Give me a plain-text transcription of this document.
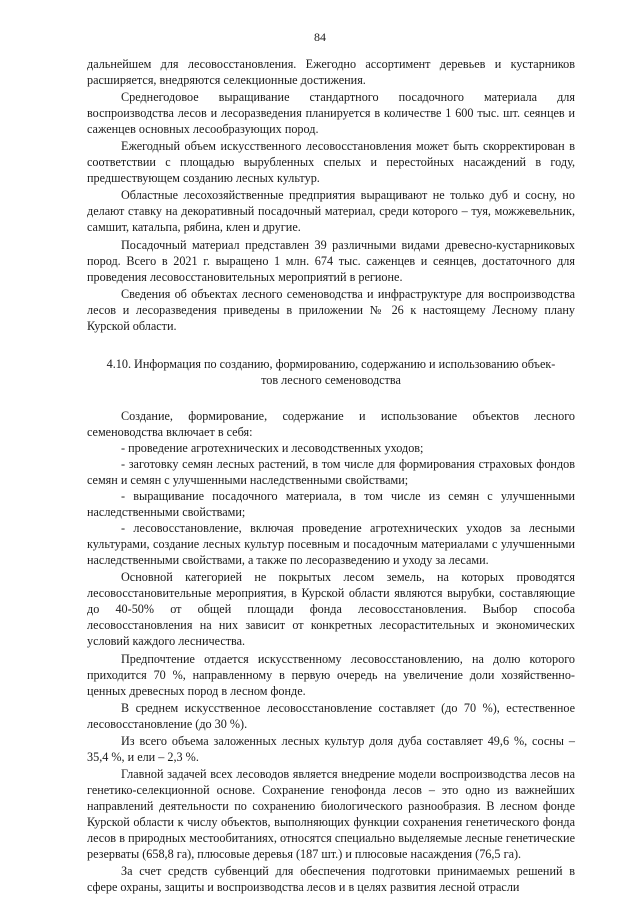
84

дальнейшем для лесовосстановления. Ежегодно ассортимент деревьев и кустарников расширяется, внедряются селекционные достижения.

Среднегодовое выращивание стандартного посадочного материала для воспроизводства лесов и лесоразведения планируется в количестве 1 600 тыс. шт. сеянцев и саженцев основных лесообразующих пород.

Ежегодный объем искусственного лесовосстановления может быть скорректирован в соответствии с площадью вырубленных спелых и перестойных насаждений в году, предшествующем созданию лесных культур.

Областные лесохозяйственные предприятия выращивают не только дуб и сосну, но делают ставку на декоративный посадочный материал, среди которого – туя, можжевельник, самшит, катальпа, рябина, клен и другие.

Посадочный материал представлен 39 различными видами древесно-кустарниковых пород. Всего в 2021 г. выращено 1 млн. 674 тыс. саженцев и сеянцев, достаточного для проведения лесовосстановительных мероприятий в регионе.

Сведения об объектах лесного семеноводства и инфраструктуре для воспроизводства лесов и лесоразведения приведены в приложении № 26 к настоящему Лесному плану Курской области.

4.10. Информация по созданию, формированию, содержанию и использованию объек-
тов лесного семеноводства

Создание, формирование, содержание и использование объектов лесного семеноводства включает в себя:

- проведение агротехнических и лесоводственных уходов;

- заготовку семян лесных растений, в том числе для формирования страховых фондов семян и семян с улучшенными наследственными свойствами;

- выращивание посадочного материала, в том числе из семян с улучшенными наследственными свойствами;

- лесовосстановление, включая проведение агротехнических уходов за лесными культурами, создание лесных культур посевным и посадочным материалами с улучшенными наследственными свойствами, а также по лесоразведению и уходу за лесами.

Основной категорией не покрытых лесом земель, на которых проводятся лесовосстановительные мероприятия, в Курской области являются вырубки, составляющие до 40-50% от общей площади фонда лесовосстановления. Выбор способа лесовосстановления на них зависит от конкретных лесорастительных и экономических условий каждого лесничества.

Предпочтение отдается искусственному лесовосстановлению, на долю которого приходится 70 %, направленному в первую очередь на увеличение доли хозяйственно-ценных древесных пород в лесном фонде.

В среднем искусственное лесовосстановление составляет (до 70 %), естественное лесовосстановление (до 30 %).

Из всего объема заложенных лесных культур доля дуба составляет 49,6 %, сосны – 35,4 %, и ели – 2,3 %.

Главной задачей всех лесоводов является внедрение модели воспроизводства лесов на генетико-селекционной основе. Сохранение генофонда лесов – это одно из важнейших направлений деятельности по сохранению биологического разнообразия. В лесном фонде Курской области к числу объектов, выполняющих функции сохранения генетического фонда лесов в природных местообитаниях, относятся специально выделяемые лесные генетические резерваты (658,8 га), плюсовые деревья (187 шт.) и плюсовые насаждения (76,5 га).

За счет средств субвенций для обеспечения подготовки принимаемых решений в сфере охраны, защиты и воспроизводства лесов и в целях развития лесной отрасли
